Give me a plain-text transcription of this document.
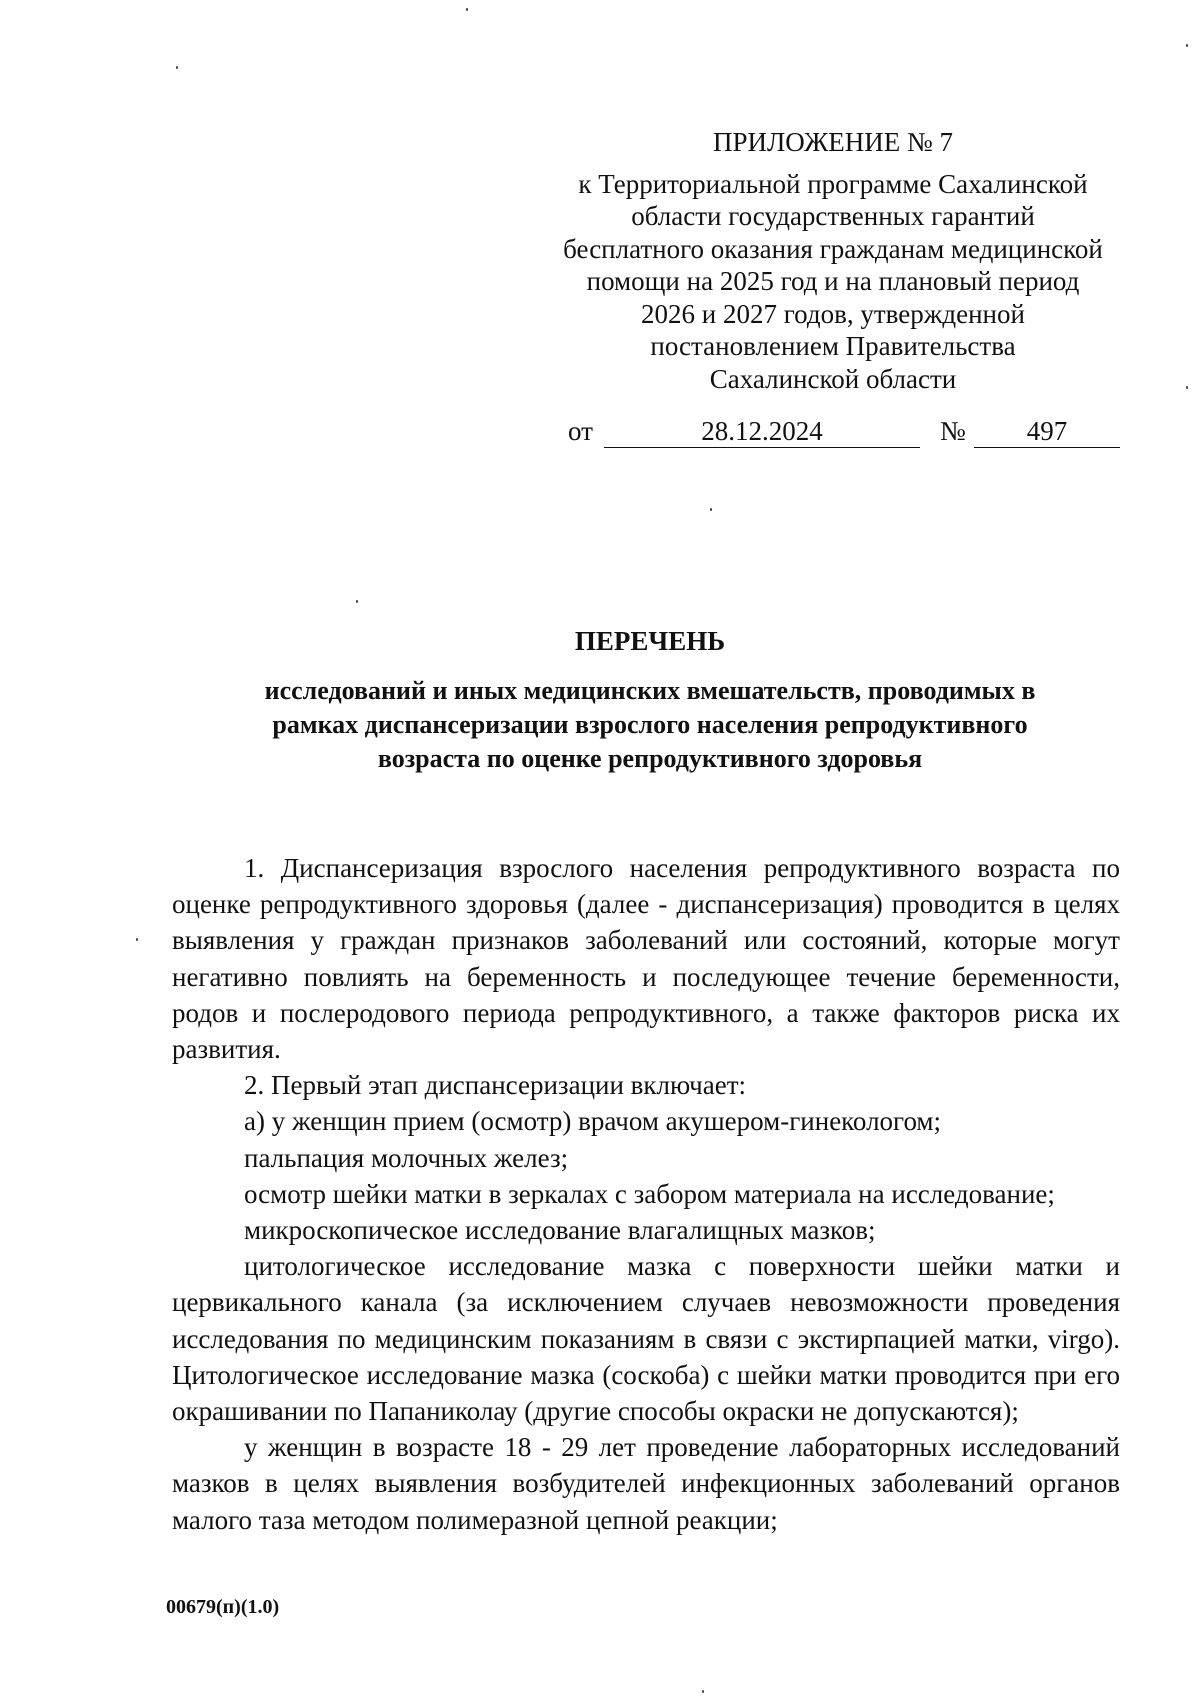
ПРИЛОЖЕНИЕ № 7
к Территориальной программе Сахалинской
области государственных гарантий
бесплатного оказания гражданам медицинской
помощи на 2025 год и на плановый период
2026 и 2027 годов, утвержденной
постановлением Правительства
Сахалинской области
от	28.12.2024	№	497
ПЕРЕЧЕНЬ
исследований и иных медицинских вмешательств, проводимых в
рамках диспансеризации взрослого населения репродуктивного
возраста по оценке репродуктивного здоровья

1. Диспансеризация взрослого населения репродуктивного возраста по оценке репродуктивного здоровья (далее - диспансеризация) проводится в целях выявления у граждан признаков заболеваний или состояний, которые могут негативно повлиять на беременность и последующее течение беременности, родов и послеродового периода репродуктивного, а также факторов риска их развития.

2. Первый этап диспансеризации включает:

а) у женщин прием (осмотр) врачом акушером-гинекологом;

пальпация молочных желез;

осмотр шейки матки в зеркалах с забором материала на исследование;

микроскопическое исследование влагалищных мазков;

цитологическое исследование мазка с поверхности шейки матки и цервикального канала (за исключением случаев невозможности проведения исследования по медицинским показаниям в связи с экстирпацией матки, virgo). Цитологическое исследование мазка (соскоба) с шейки матки проводится при его окрашивании по Папаниколау (другие способы окраски не допускаются);

у женщин в возрасте 18 - 29 лет проведение лабораторных исследований мазков в целях выявления возбудителей инфекционных заболеваний органов малого таза методом полимеразной цепной реакции;

00679(п)(1.0)
